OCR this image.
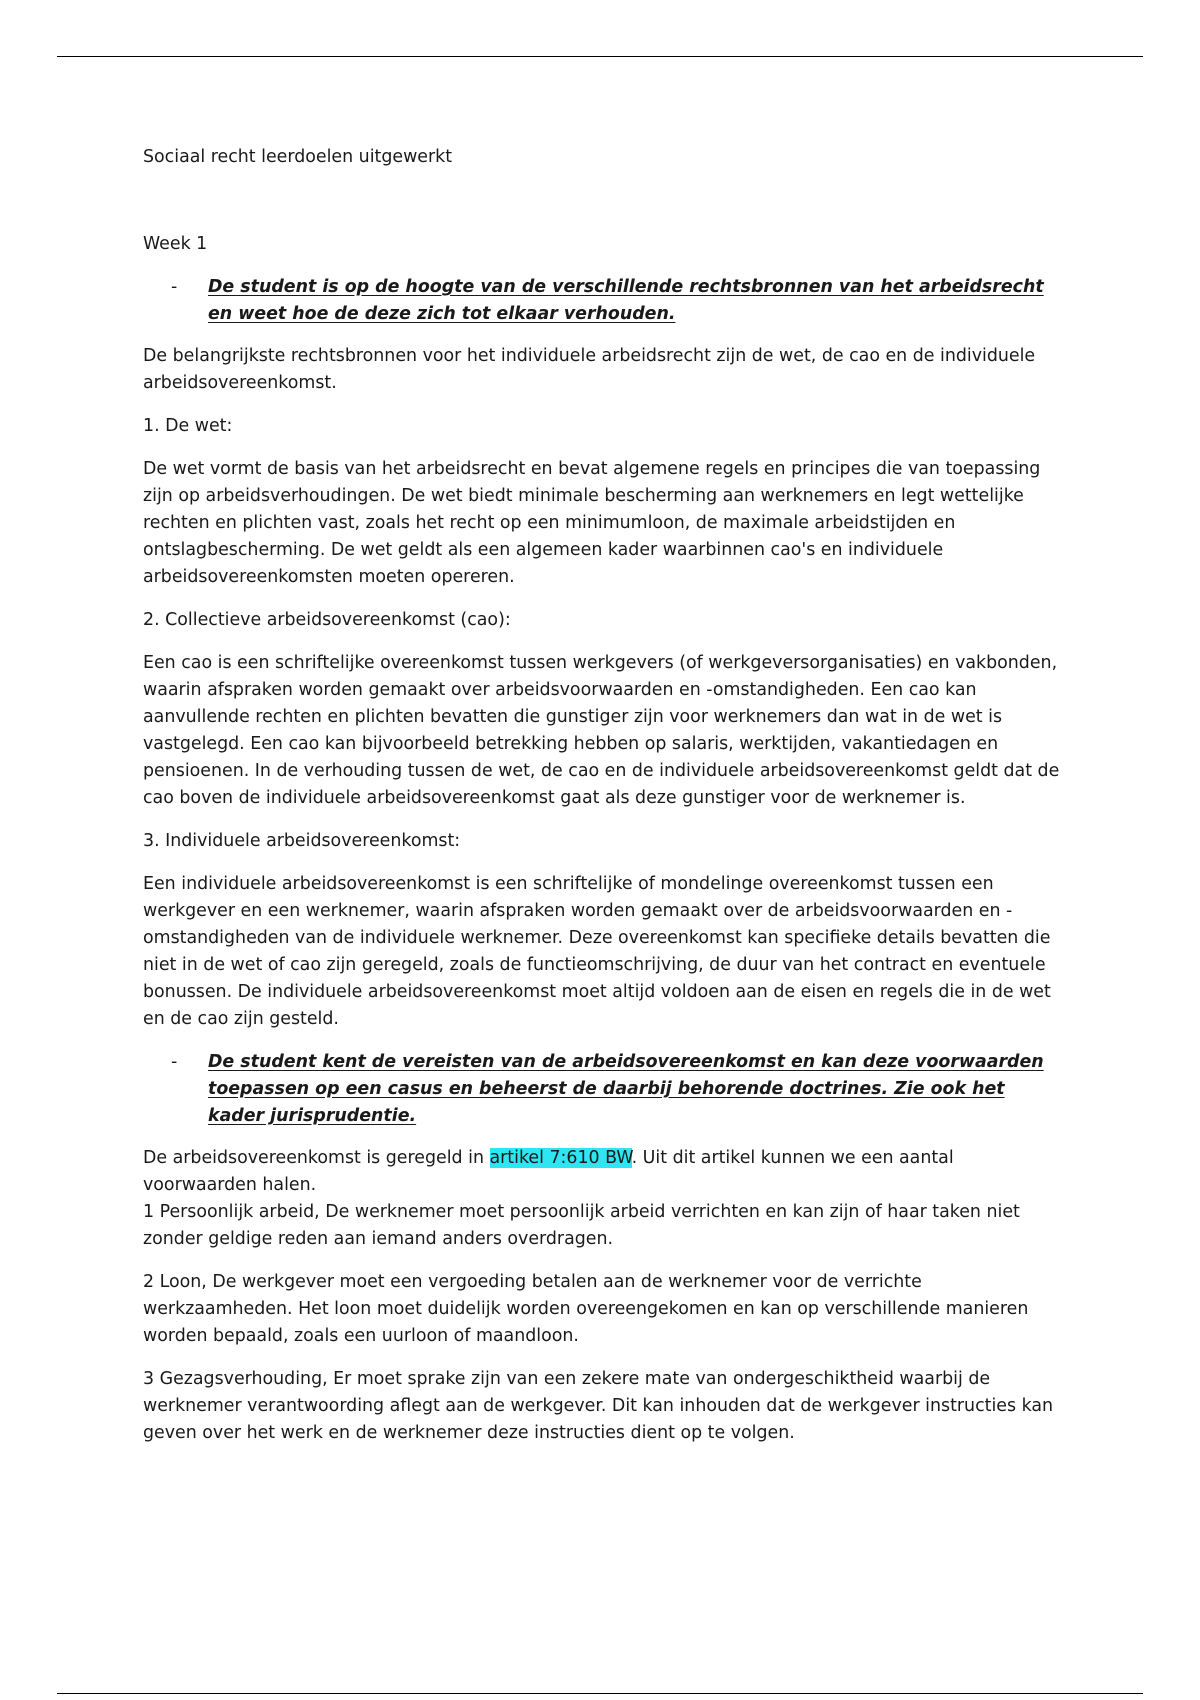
Sociaal recht leerdoelen uitgewerkt

Week 1

- De student is op de hoogte van de verschillende rechtsbronnen van het arbeidsrecht en weet hoe de deze zich tot elkaar verhouden.

De belangrijkste rechtsbronnen voor het individuele arbeidsrecht zijn de wet, de cao en de individuele arbeidsovereenkomst.

1. De wet:

De wet vormt de basis van het arbeidsrecht en bevat algemene regels en principes die van toepassing zijn op arbeidsverhoudingen. De wet biedt minimale bescherming aan werknemers en legt wettelijke rechten en plichten vast, zoals het recht op een minimumloon, de maximale arbeidstijden en ontslagbescherming. De wet geldt als een algemeen kader waarbinnen cao's en individuele arbeidsovereenkomsten moeten opereren.

2. Collectieve arbeidsovereenkomst (cao):

Een cao is een schriftelijke overeenkomst tussen werkgevers (of werkgeversorganisaties) en vakbonden, waarin afspraken worden gemaakt over arbeidsvoorwaarden en -omstandigheden. Een cao kan aanvullende rechten en plichten bevatten die gunstiger zijn voor werknemers dan wat in de wet is vastgelegd. Een cao kan bijvoorbeeld betrekking hebben op salaris, werktijden, vakantiedagen en pensioenen. In de verhouding tussen de wet, de cao en de individuele arbeidsovereenkomst geldt dat de cao boven de individuele arbeidsovereenkomst gaat als deze gunstiger voor de werknemer is.

3. Individuele arbeidsovereenkomst:

Een individuele arbeidsovereenkomst is een schriftelijke of mondelinge overeenkomst tussen een werkgever en een werknemer, waarin afspraken worden gemaakt over de arbeidsvoorwaarden en -omstandigheden van de individuele werknemer. Deze overeenkomst kan specifieke details bevatten die niet in de wet of cao zijn geregeld, zoals de functieomschrijving, de duur van het contract en eventuele bonussen. De individuele arbeidsovereenkomst moet altijd voldoen aan de eisen en regels die in de wet en de cao zijn gesteld.

- De student kent de vereisten van de arbeidsovereenkomst en kan deze voorwaarden toepassen op een casus en beheerst de daarbij behorende doctrines. Zie ook het kader jurisprudentie.

De arbeidsovereenkomst is geregeld in artikel 7:610 BW. Uit dit artikel kunnen we een aantal voorwaarden halen.

1 Persoonlijk arbeid, De werknemer moet persoonlijk arbeid verrichten en kan zijn of haar taken niet zonder geldige reden aan iemand anders overdragen.

2 Loon, De werkgever moet een vergoeding betalen aan de werknemer voor de verrichte werkzaamheden. Het loon moet duidelijk worden overeengekomen en kan op verschillende manieren worden bepaald, zoals een uurloon of maandloon.

3 Gezagsverhouding, Er moet sprake zijn van een zekere mate van ondergeschiktheid waarbij de werknemer verantwoording aflegt aan de werkgever. Dit kan inhouden dat de werkgever instructies kan geven over het werk en de werknemer deze instructies dient op te volgen.
